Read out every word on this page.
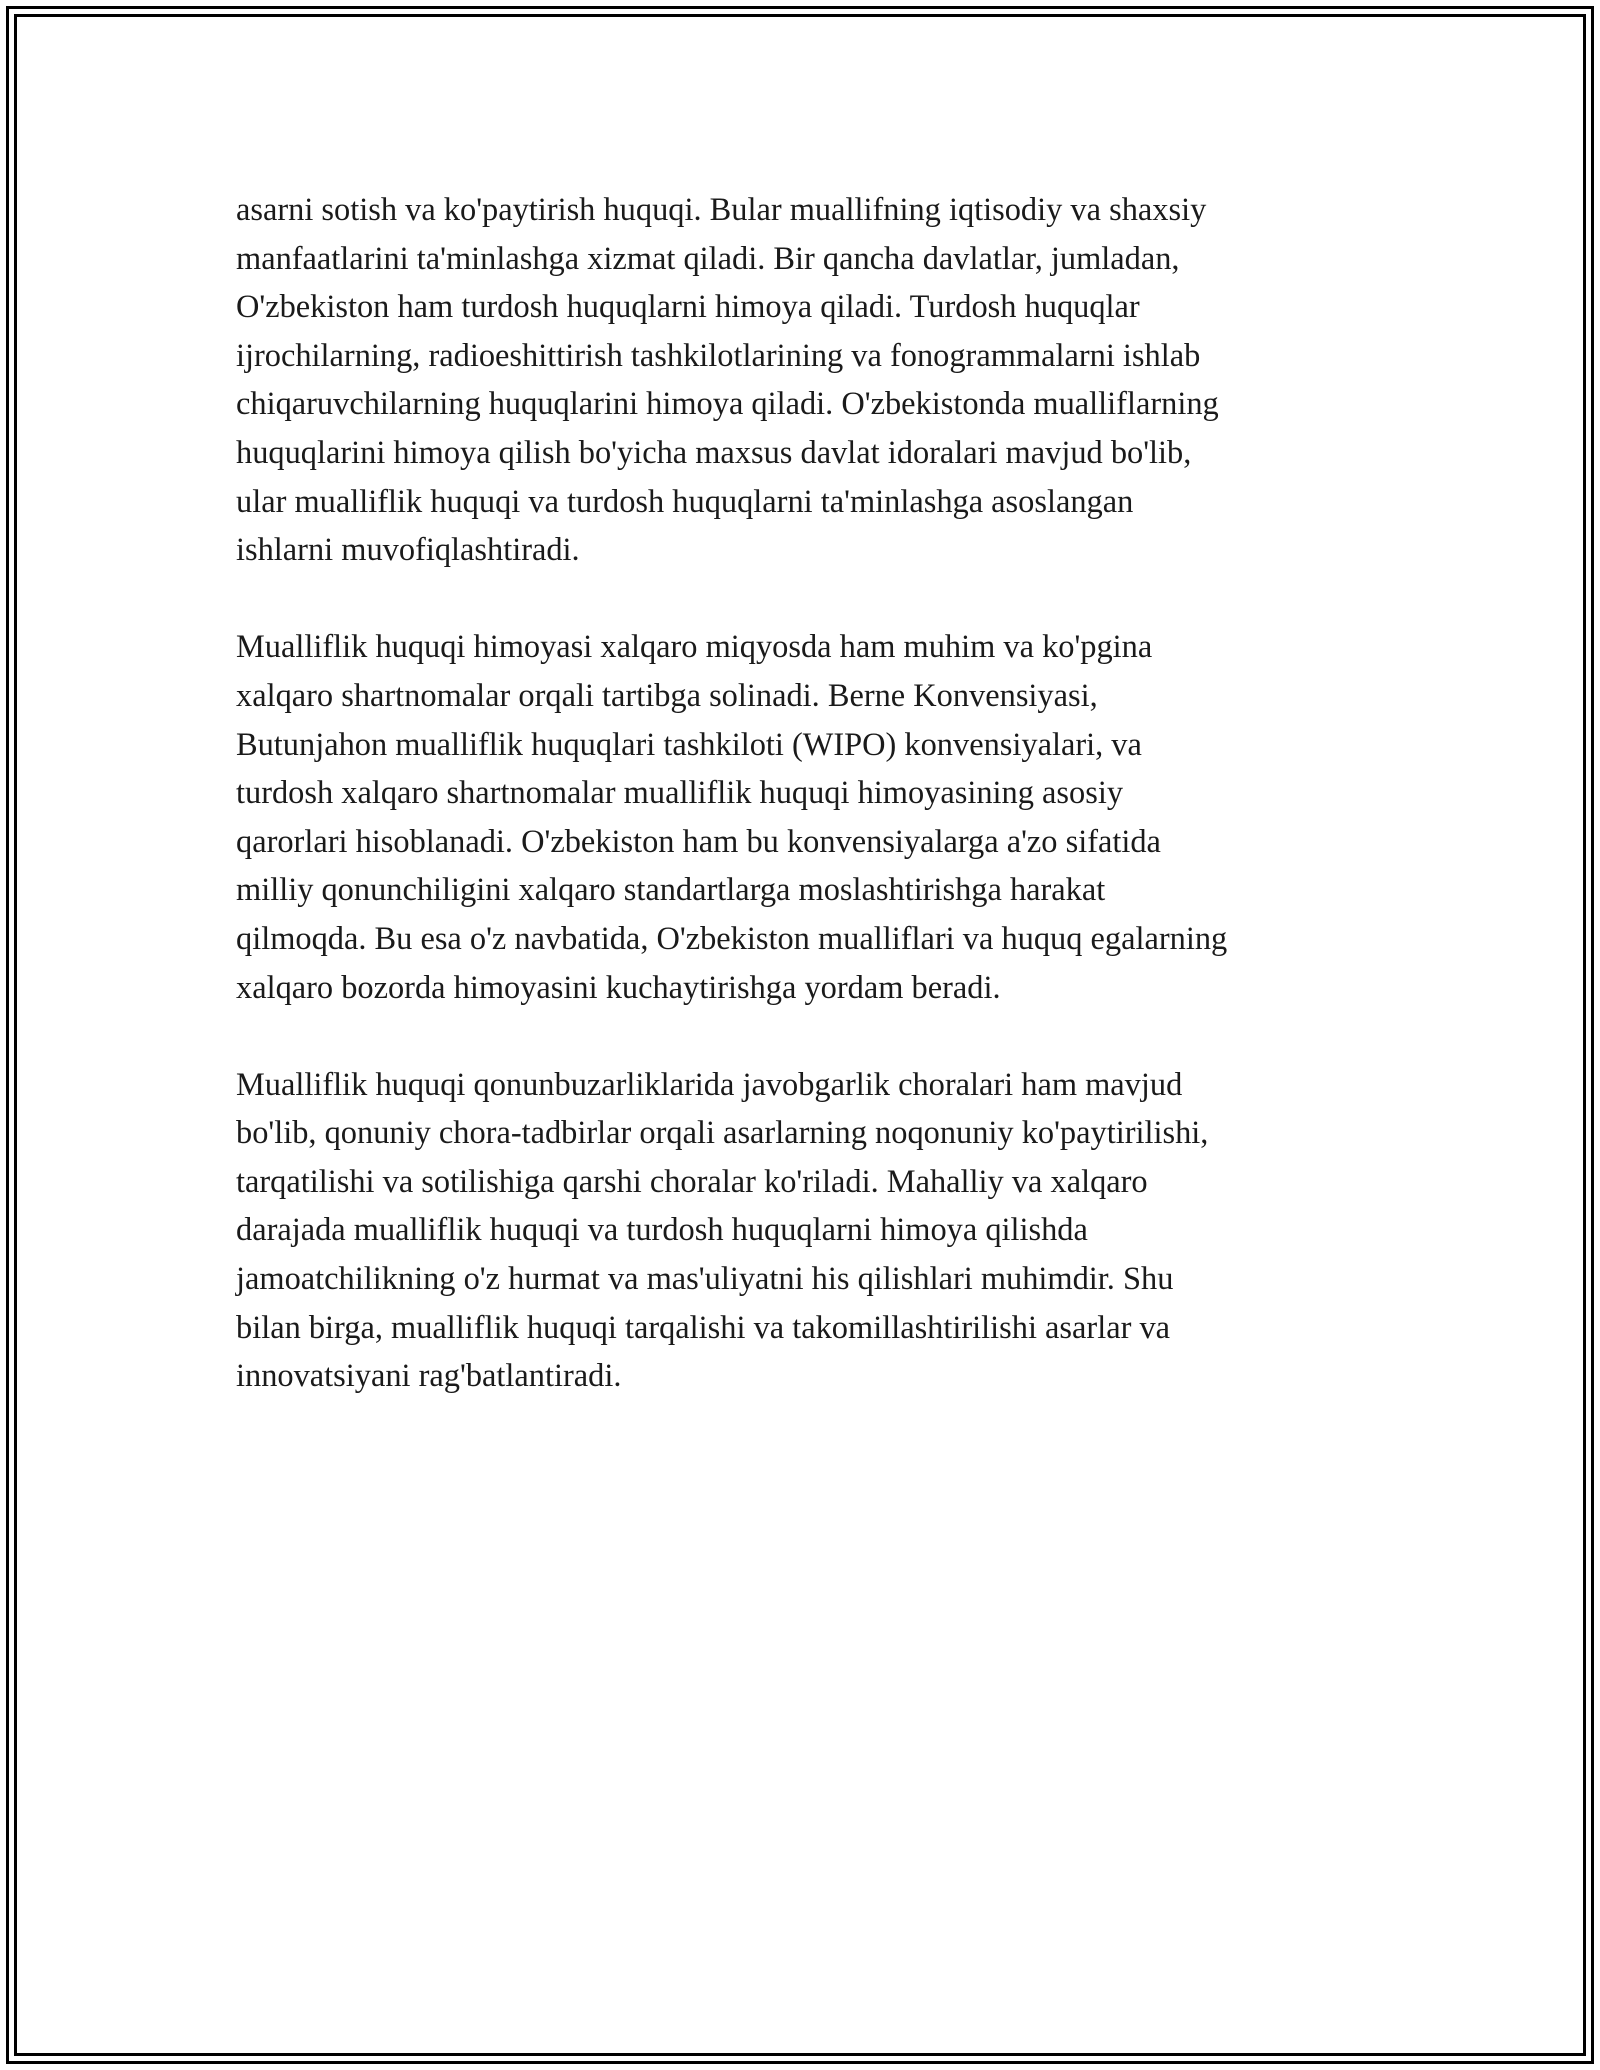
asarni sotish va ko'paytirish huquqi. Bular muallifning iqtisodiy va shaxsiy
manfaatlarini ta'minlashga xizmat qiladi. Bir qancha davlatlar, jumladan,
O'zbekiston ham turdosh huquqlarni himoya qiladi. Turdosh huquqlar
ijrochilarning, radioeshittirish tashkilotlarining va fonogrammalarni ishlab
chiqaruvchilarning huquqlarini himoya qiladi. O'zbekistonda mualliflarning
huquqlarini himoya qilish bo'yicha maxsus davlat idoralari mavjud bo'lib,
ular mualliflik huquqi va turdosh huquqlarni ta'minlashga asoslangan
ishlarni muvofiqlashtiradi.

Mualliflik huquqi himoyasi xalqaro miqyosda ham muhim va ko'pgina
xalqaro shartnomalar orqali tartibga solinadi. Berne Konvensiyasi,
Butunjahon mualliflik huquqlari tashkiloti (WIPO) konvensiyalari, va
turdosh xalqaro shartnomalar mualliflik huquqi himoyasining asosiy
qarorlari hisoblanadi. O'zbekiston ham bu konvensiyalarga a'zo sifatida
milliy qonunchiligini xalqaro standartlarga moslashtirishga harakat
qilmoqda. Bu esa o'z navbatida, O'zbekiston mualliflari va huquq egalarning
xalqaro bozorda himoyasini kuchaytirishga yordam beradi.

Mualliflik huquqi qonunbuzarliklarida javobgarlik choralari ham mavjud
bo'lib, qonuniy chora-tadbirlar orqali asarlarning noqonuniy ko'paytirilishi,
tarqatilishi va sotilishiga qarshi choralar ko'riladi. Mahalliy va xalqaro
darajada mualliflik huquqi va turdosh huquqlarni himoya qilishda
jamoatchilikning o'z hurmat va mas'uliyatni his qilishlari muhimdir. Shu
bilan birga, mualliflik huquqi tarqalishi va takomillashtirilishi asarlar va
innovatsiyani rag'batlantiradi.
